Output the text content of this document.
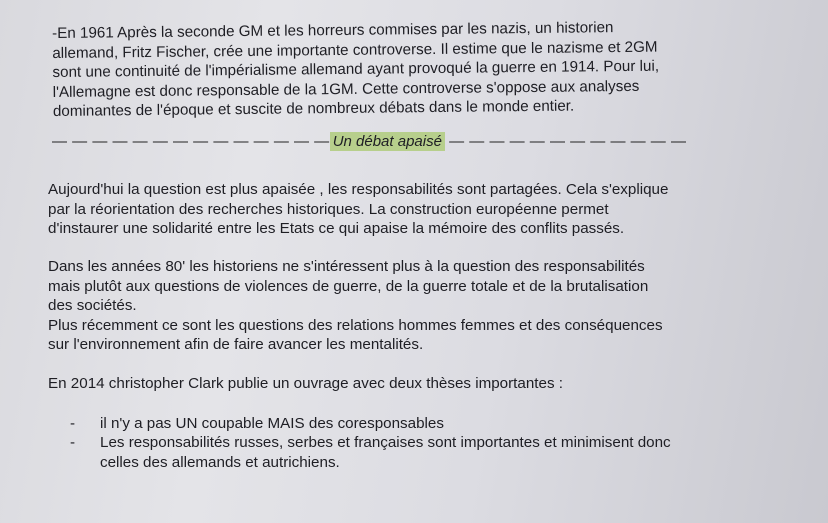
-En 1961 Après la seconde GM et les horreurs commises par les nazis, un historien
allemand, Fritz Fischer, crée une importante controverse. Il estime que le nazisme et 2GM
sont une continuité de l'impérialisme allemand ayant provoqué la guerre en 1914. Pour lui,
l'Allemagne est donc responsable de la 1GM. Cette controverse s'oppose aux analyses
dominantes de l'époque et suscite de nombreux débats dans le monde entier.

— — — — — — — — — — — — — — Un débat apaisé — — — — — — — — — — — —

Aujourd'hui la question est plus apaisée , les responsabilités sont partagées. Cela s'explique
par la réorientation des recherches historiques. La construction européenne permet
d'instaurer une solidarité entre les Etats ce qui apaise la mémoire des conflits passés.

Dans les années 80' les historiens ne s'intéressent plus à la question des responsabilités
mais plutôt aux questions de violences de guerre, de la guerre totale et de la brutalisation
des sociétés.
Plus récemment ce sont les questions des relations hommes femmes et des conséquences
sur l'environnement afin de faire avancer les mentalités.

En 2014 christopher Clark publie un ouvrage avec deux thèses importantes :

- il n'y a pas UN coupable MAIS des coresponsables
- Les responsabilités russes, serbes et françaises sont importantes et minimisent donc
celles des allemands et autrichiens.
